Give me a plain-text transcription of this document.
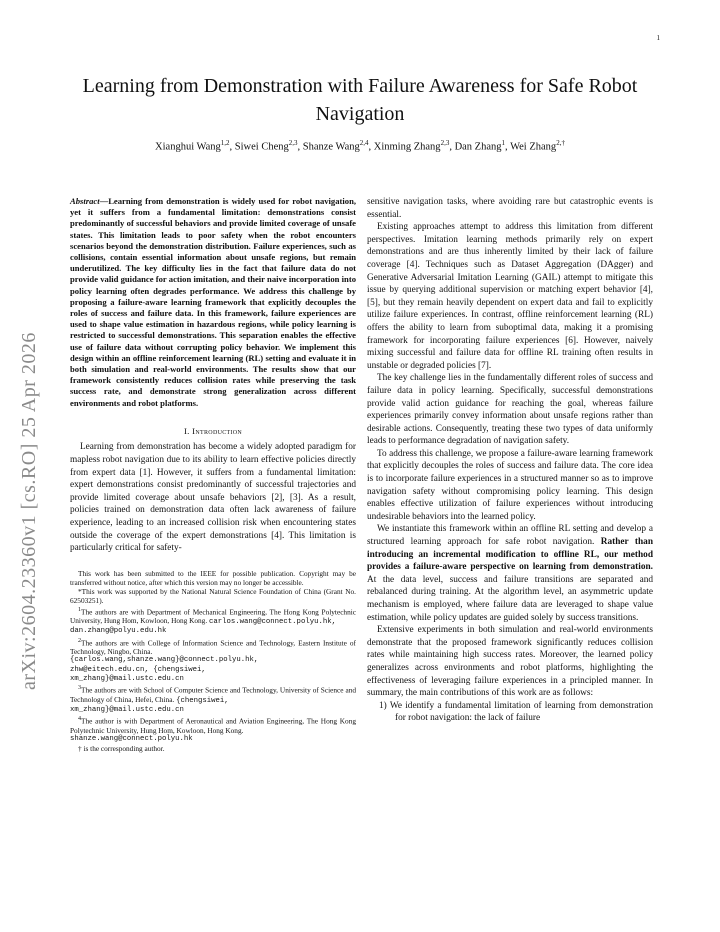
1
arXiv:2604.23360v1 [cs.RO] 25 Apr 2026
Learning from Demonstration with Failure Awareness for Safe Robot Navigation
Xianghui Wang$^{1,2}$, Siwei Cheng$^{2,3}$, Shanze Wang$^{2,4}$, Xinming Zhang$^{2,3}$, Dan Zhang$^1$, Wei Zhang$^{2,\dagger}$
Abstract—Learning from demonstration is widely used for robot navigation, yet it suffers from a fundamental limitation: demonstrations consist predominantly of successful behaviors and provide limited coverage of unsafe states. This limitation leads to poor safety when the robot encounters scenarios beyond the demonstration distribution. Failure experiences, such as collisions, contain essential information about unsafe regions, but remain underutilized. The key difficulty lies in the fact that failure data do not provide valid guidance for action imitation, and their naive incorporation into policy learning often degrades performance. We address this challenge by proposing a failure-aware learning framework that explicitly decouples the roles of success and failure data. In this framework, failure experiences are used to shape value estimation in hazardous regions, while policy learning is restricted to successful demonstrations. This separation enables the effective use of failure data without corrupting policy behavior. We implement this design within an offline reinforcement learning (RL) setting and evaluate it in both simulation and real-world environments. The results show that our framework consistently reduces collision rates while preserving the task success rate, and demonstrate strong generalization across different environments and robot platforms.
I. Introduction

Learning from demonstration has become a widely adopted paradigm for mapless robot navigation due to its ability to learn effective policies directly from expert data [1]. However, it suffers from a fundamental limitation: expert demonstrations consist predominantly of successful trajectories and provide limited coverage about unsafe behaviors [2], [3]. As a result, policies trained on demonstration data often lack awareness of failure experience, leading to an increased collision risk when encountering states outside the coverage of the expert demonstrations [4]. This limitation is particularly critical for safety-

This work has been submitted to the IEEE for possible publication. Copyright may be transferred without notice, after which this version may no longer be accessible.

*This work was supported by the National Natural Science Foundation of China (Grant No. 62503251).

$^1$The authors are with Department of Mechanical Engineering, The Hong Kong Polytechnic University, Hung Hom, Kowloon, Hong Kong. carlos.wang@connect.polyu.hk,
dan.zhang@polyu.edu.hk

$^2$The authors are with College of Information Science and Technology, Eastern Institute of Technology, Ningbo, China.
{carlos.wang,shanze.wang}@connect.polyu.hk,
zhw@eitech.edu.cn, {chengsiwei,
xm_zhang}@mail.ustc.edu.cn

$^3$The authors are with School of Computer Science and Technology, University of Science and Technology of China, Hefei, China. {chengsiwei,
xm_zhang}@mail.ustc.edu.cn

$^4$The author is with Department of Aeronautical and Aviation Engineering, The Hong Kong Polytechnic University, Hung Hom, Kowloon, Hong Kong.
shanze.wang@connect.polyu.hk

† is the corresponding author.

sensitive navigation tasks, where avoiding rare but catastrophic events is essential.

Existing approaches attempt to address this limitation from different perspectives. Imitation learning methods primarily rely on expert demonstrations and are thus inherently limited by their lack of failure coverage [4]. Techniques such as Dataset Aggregation (DAgger) and Generative Adversarial Imitation Learning (GAIL) attempt to mitigate this issue by querying additional supervision or matching expert behavior [4], [5], but they remain heavily dependent on expert data and fail to explicitly utilize failure experiences. In contrast, offline reinforcement learning (RL) offers the ability to learn from suboptimal data, making it a promising framework for incorporating failure experiences [6]. However, naively mixing successful and failure data for offline RL training often results in unstable or degraded policies [7].

The key challenge lies in the fundamentally different roles of success and failure data in policy learning. Specifically, successful demonstrations provide valid action guidance for reaching the goal, whereas failure experiences primarily convey information about unsafe regions rather than desirable actions. Consequently, treating these two types of data uniformly leads to performance degradation of navigation safety.

To address this challenge, we propose a failure-aware learning framework that explicitly decouples the roles of success and failure data. The core idea is to incorporate failure experiences in a structured manner so as to improve navigation safety without compromising policy learning. This design enables effective utilization of failure experiences without introducing undesirable behaviors into the learned policy.

We instantiate this framework within an offline RL setting and develop a structured learning approach for safe robot navigation. Rather than introducing an incremental modification to offline RL, our method provides a failure-aware perspective on learning from demonstration. At the data level, success and failure transitions are separated and rebalanced during training. At the algorithm level, an asymmetric update mechanism is employed, where failure data are leveraged to shape value estimation, while policy updates are guided solely by success transitions.

Extensive experiments in both simulation and real-world environments demonstrate that the proposed framework significantly reduces collision rates while maintaining high success rates. Moreover, the learned policy generalizes across environments and robot platforms, highlighting the effectiveness of leveraging failure experiences in a principled manner. In summary, the main contributions of this work are as follows:

1) We identify a fundamental limitation of learning from demonstration for robot navigation: the lack of failure
